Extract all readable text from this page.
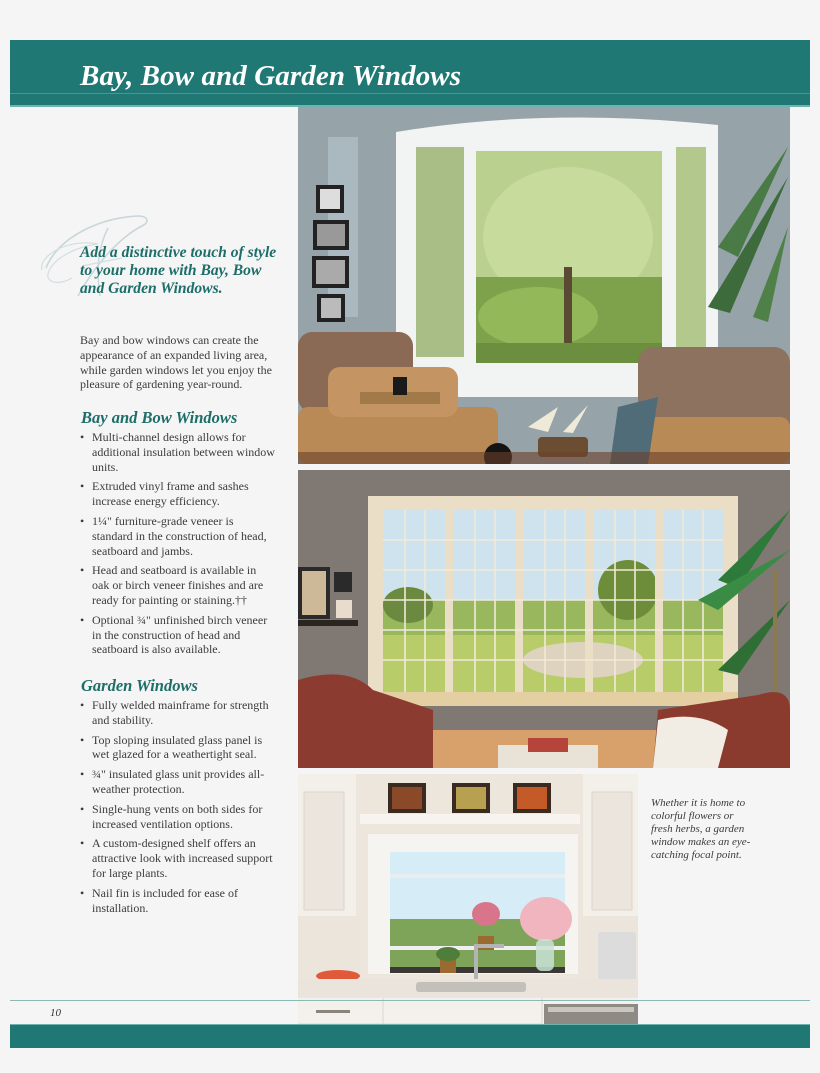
Bay, Bow and Garden Windows

Add a distinctive touch of style to your home with Bay, Bow and Garden Windows.

Bay and bow windows can create the appearance of an expanded living area, while garden windows let you enjoy the pleasure of gardening year-round.

Bay and Bow Windows
• Multi-channel design allows for additional insulation between window units.
• Extruded vinyl frame and sashes increase energy efficiency.
• 1¼" furniture-grade veneer is standard in the construction of head, seatboard and jambs.
• Head and seatboard is available in oak or birch veneer finishes and are ready for painting or staining.††
• Optional ¾" unfinished birch veneer in the construction of head and seatboard is also available.
Garden Windows
• Fully welded mainframe for strength and stability.
• Top sloping insulated glass panel is wet glazed for a weathertight seal.
• ¾" insulated glass unit provides all-weather protection.
• Single-hung vents on both sides for increased ventilation options.
• A custom-designed shelf offers an attractive look with increased support for large plants.
• Nail fin is included for ease of installation.

Whether it is home to colorful flowers or fresh herbs, a garden window makes an eye-catching focal point.

10
